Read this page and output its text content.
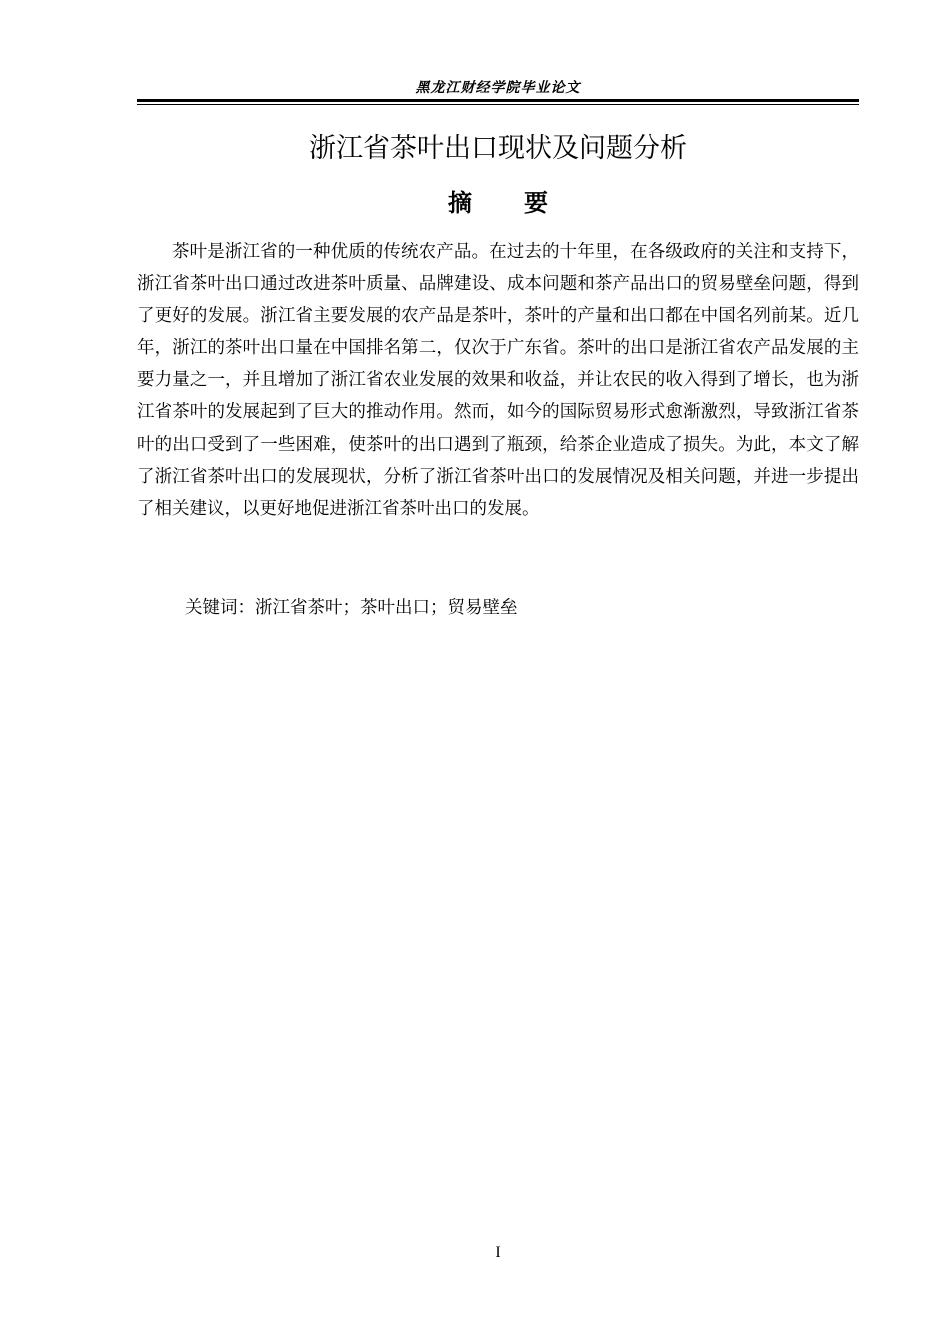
黑龙江财经学院毕业论文
浙江省茶叶出口现状及问题分析
摘 要

茶叶是浙江省的一种优质的传统农产品。在过去的十年里，在各级政府的关注和支持下，浙江省茶叶出口通过改进茶叶质量、品牌建设、成本问题和茶产品出口的贸易壁垒问题，得到了更好的发展。浙江省主要发展的农产品是茶叶，茶叶的产量和出口都在中国名列前某。近几年，浙江的茶叶出口量在中国排名第二，仅次于广东省。茶叶的出口是浙江省农产品发展的主要力量之一，并且增加了浙江省农业发展的效果和收益，并让农民的收入得到了增长，也为浙江省茶叶的发展起到了巨大的推动作用。然而，如今的国际贸易形式愈渐激烈，导致浙江省茶叶的出口受到了一些困难，使茶叶的出口遇到了瓶颈，给茶企业造成了损失。为此，本文了解了浙江省茶叶出口的发展现状，分析了浙江省茶叶出口的发展情况及相关问题，并进一步提出了相关建议，以更好地促进浙江省茶叶出口的发展。

关键词：浙江省茶叶；茶叶出口；贸易壁垒
I
